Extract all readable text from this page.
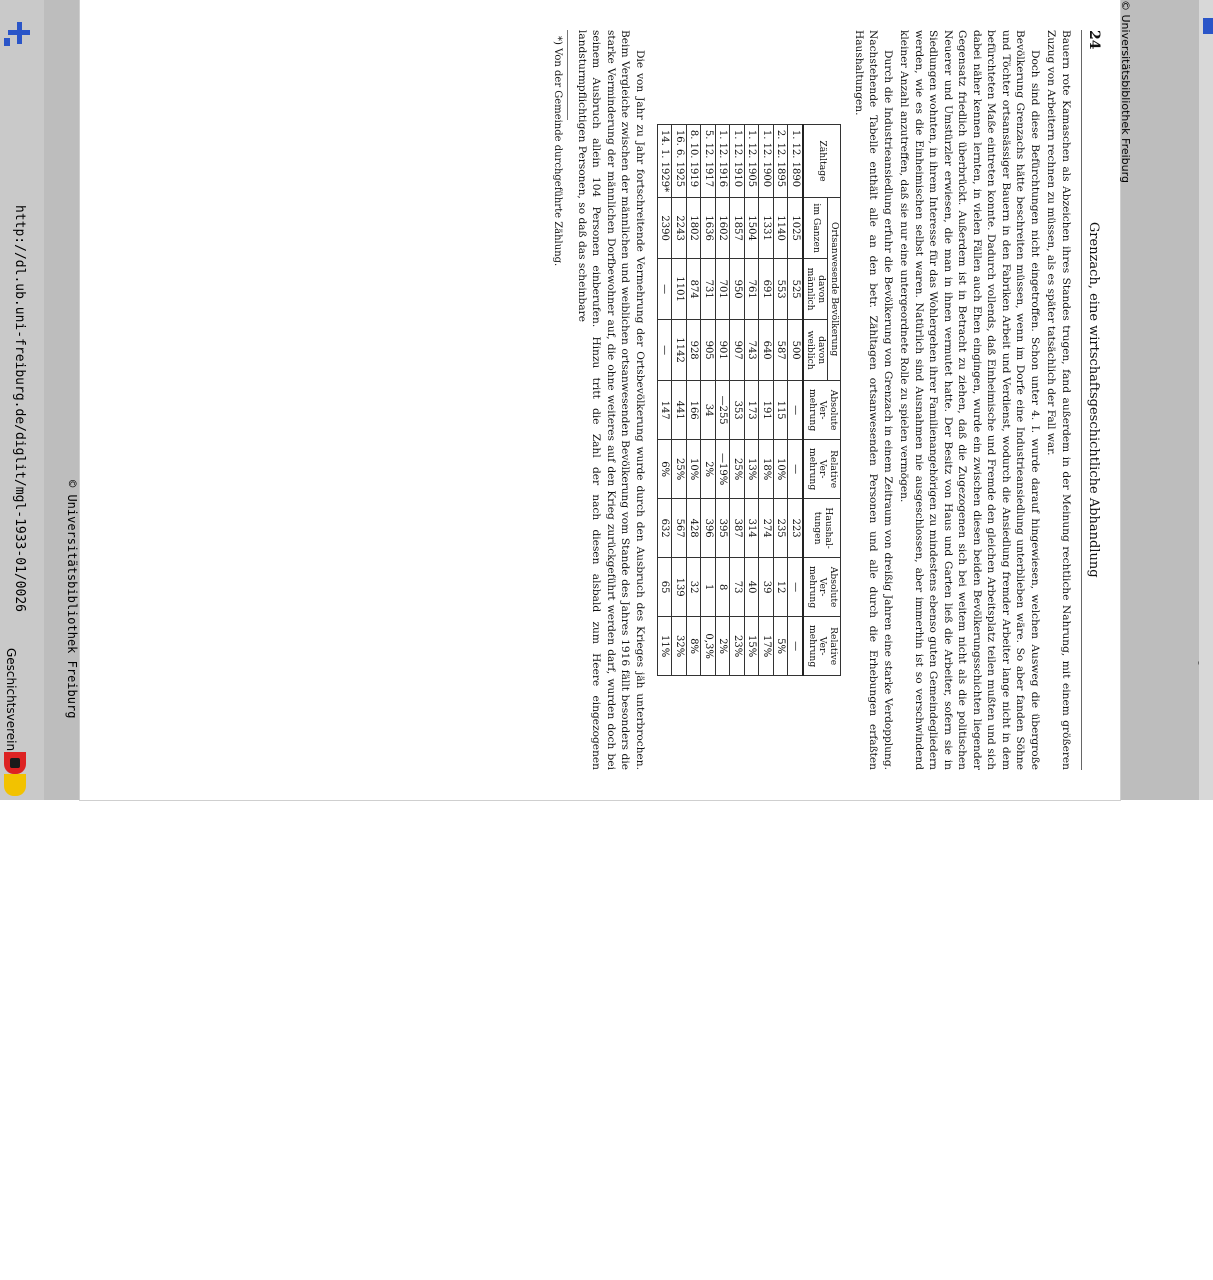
http://dl.ub.uni-freiburg.de/diglit/mgl-1933-01/0026	© Universitätsbibliothek Freiburg
24
Grenzach, eine wirtschaftsgeschichtliche Abhandlung

Bauern rote Kamaschen als Abzeichen ihres Standes trugen, fand außerdem in der Meinung rechtliche Nahrung, mit einem größeren Zuzug von Arbeitern rechnen zu müssen, als es später tatsächlich der Fall war.

Doch sind diese Befürchtungen nicht eingetroffen. Schon unter 4. I. wurde darauf hingewiesen, welchen Ausweg die übergroße Bevölkerung Grenzachs hätte beschreiten müssen, wenn im Dorfe eine Industrieansiedlung unterblieben wäre. So aber fanden Söhne und Töchter ortsansässiger Bauern in den Fabriken Arbeit und Verdienst, wodurch die Ansiedlung fremder Arbeiter lange nicht in dem befürchteten Maße eintreten konnte. Dadurch vollends, daß Einheimische und Fremde den gleichen Arbeitsplatz teilen mußten und sich dabei näher kennen lernten, in vielen Fällen auch Ehen eingingen, wurde ein zwischen diesen beiden Bevölkerungsschichten liegender Gegensatz friedlich überbrückt. Außerdem ist in Betracht zu ziehen, daß die Zugezogenen sich bei weitem nicht als die politischen Neuerer und Umstürzler erwiesen, die man in ihnen vermutet hatte. Der Besitz von Haus und Garten ließ die Arbeiter, sofern sie in Siedlungen wohnten, in ihrem Interesse für das Wohlergehen ihrer Familienangehörigen zu mindestens ebenso guten Gemeindegliedern werden, wie es die Einheimischen selbst waren. Natürlich sind Ausnahmen nie ausgeschlossen, aber immerhin ist so verschwindend kleiner Anzahl anzutreffen, daß sie nur eine untergeordnete Rolle zu spielen vermögen.

Durch die Industrieansiedlung erfuhr die Bevölkerung von Grenzach in einem Zeitraum von dreißig Jahren eine starke Verdopplung. Nachstehende Tabelle enthält alle an den betr. Zähltagen ortsanwesenden Personen und alle durch die Erhebungen erfaßten Haushaltungen.

Zähltage	Ortsanwesende Bevölkerung			Absolute Ver-mehrung	Relative Ver-mehrung	Haushal-tungen	Absolute Ver-mehrung	Relative Ver-mehrung
	im Ganzen	davon männlich	davon weiblich					
1. 12. 1890	1025	525	500	—	—	223	—	—
2. 12. 1895	1140	553	587	115	10%	235	12	5%
1. 12. 1900	1331	691	640	191	18%	274	39	17%
1. 12. 1905	1504	761	743	173	13%	314	40	15%
1. 12. 1910	1857	950	907	353	25%	387	73	23%
1. 12. 1916	1602	701	901	—255	—19%	395	8	2%
5. 12. 1917	1636	731	905	34	2%	396	1	0,3%
8. 10. 1919	1802	874	928	166	10%	428	32	8%
16. 6. 1925	2243	1101	1142	441	25%	567	139	32%
14. 1. 1929*	2390	—	—	147	6%	632	65	11%

Die von Jahr zu Jahr fortschreitende Vermehrung der Ortsbevölkerung wurde durch den Ausbruch des Krieges jäh unterbrochen. Beim Vergleiche zwischen der männlichen und weiblichen ortsanwesenden Bevölkerung vom Stande des Jahres 1916 fällt besonders die starke Verminderung der männlichen Dorfbewohner auf, die ohne weiteres auf den Krieg zurückgeführt werden darf, wurden doch bei seinem Ausbruch allein 104 Personen einberufen. Hinzu tritt die Zahl der nach diesen alsbald zum Heere eingezogenen landsturmpflichtigen Personen, so daß das scheinbare

*) Von der Gemeinde durchgeführte Zählung.	© Universitätsbibliothek Freiburg
Geschichtsverein
